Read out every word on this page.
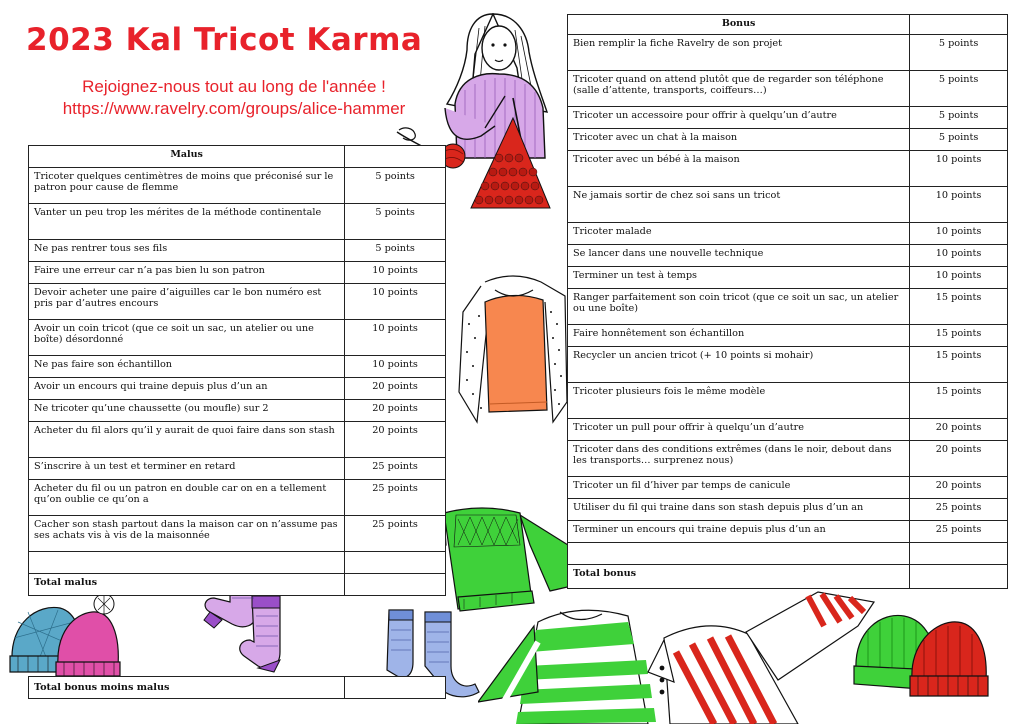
2023 Kal Tricot Karma
Rejoignez-nous tout au long de l'année !
https://www.ravelry.com/groups/alice-hammer
Malus	
Tricoter quelques centimètres de moins que préconisé sur le patron pour cause de flemme	5 points
Vanter un peu trop les mérites de la méthode continentale	5 points
Ne pas rentrer tous ses fils	5 points
Faire une erreur car n’a pas bien lu son patron	10 points
Devoir acheter une paire d’aiguilles car le bon numéro est pris par d’autres encours	10 points
Avoir un coin tricot (que ce soit un sac, un atelier ou une boîte) désordonné	10 points
Ne pas faire son échantillon	10 points
Avoir un encours qui traine depuis plus d’un an	20 points
Ne tricoter qu’une chaussette (ou moufle) sur 2	20 points
Acheter du fil alors qu’il y aurait de quoi faire dans son stash	20 points
S’inscrire à un test et terminer en retard	25 points
Acheter du fil ou un patron en double car on en a tellement qu’on oublie ce qu’on a	25 points
Cacher son stash partout dans la maison car on n’assume pas ses achats vis à vis de la maisonnée	25 points

Total malus	
Bonus	
Bien remplir la fiche Ravelry de son projet	5 points
Tricoter quand on attend plutôt que de regarder son téléphone (salle d’attente, transports, coiffeurs…)	5 points
Tricoter un accessoire pour offrir à quelqu’un d’autre	5 points
Tricoter avec un chat à la maison	5 points
Tricoter avec un bébé à la maison	10 points
Ne jamais sortir de chez soi sans un tricot	10 points
Tricoter malade	10 points
Se lancer dans une nouvelle technique	10 points
Terminer un test à temps	10 points
Ranger parfaitement son coin tricot (que ce soit un sac, un atelier ou une boîte)	15 points
Faire honnêtement son échantillon	15 points
Recycler un ancien tricot (+ 10 points si mohair)	15 points
Tricoter plusieurs fois le même modèle	15 points
Tricoter un pull pour offrir à quelqu’un d’autre	20 points
Tricoter dans des conditions extrêmes (dans le noir, debout dans les transports… surprenez nous)	20 points
Tricoter un fil d’hiver par temps de canicule	20 points
Utiliser du fil qui traine dans son stash depuis plus d’un an	25 points
Terminer un encours qui traine depuis plus d’un an	25 points

Total bonus	
Total bonus moins malus	
